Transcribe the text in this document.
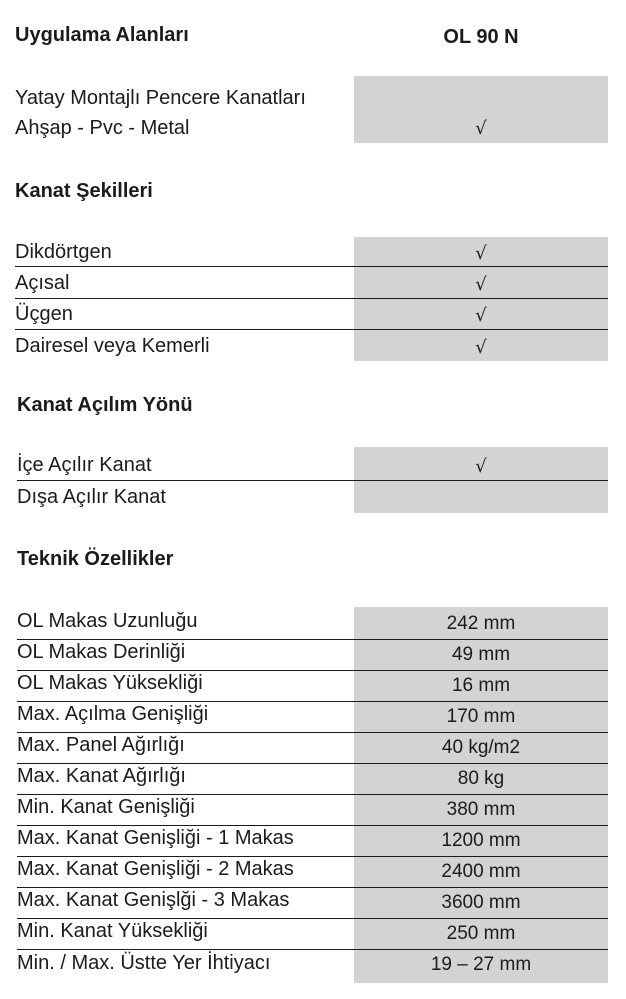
Uygulama Alanları	OL 90 N
Yatay Montajlı Pencere Kanatları
Ahşap - Pvc - Metal	√
Kanat Şekilleri
Dikdörtgen	√
Açısal	√
Üçgen	√
Dairesel veya Kemerli	√
Kanat Açılım Yönü
İçe Açılır Kanat	√
Dışa Açılır Kanat
Teknik Özellikler
OL Makas Uzunluğu	242 mm
OL Makas Derinliği	49 mm
OL Makas Yüksekliği	16 mm
Max. Açılma Genişliği	170 mm
Max. Panel Ağırlığı	40 kg/m2
Max. Kanat Ağırlığı	80 kg
Min. Kanat Genişliği	380 mm
Max. Kanat Genişliği - 1 Makas	1200 mm
Max. Kanat Genişliği - 2 Makas	2400 mm
Max. Kanat Genişlği - 3 Makas	3600 mm
Min. Kanat Yüksekliği	250 mm
Min. / Max. Üstte Yer İhtiyacı	19 – 27 mm
